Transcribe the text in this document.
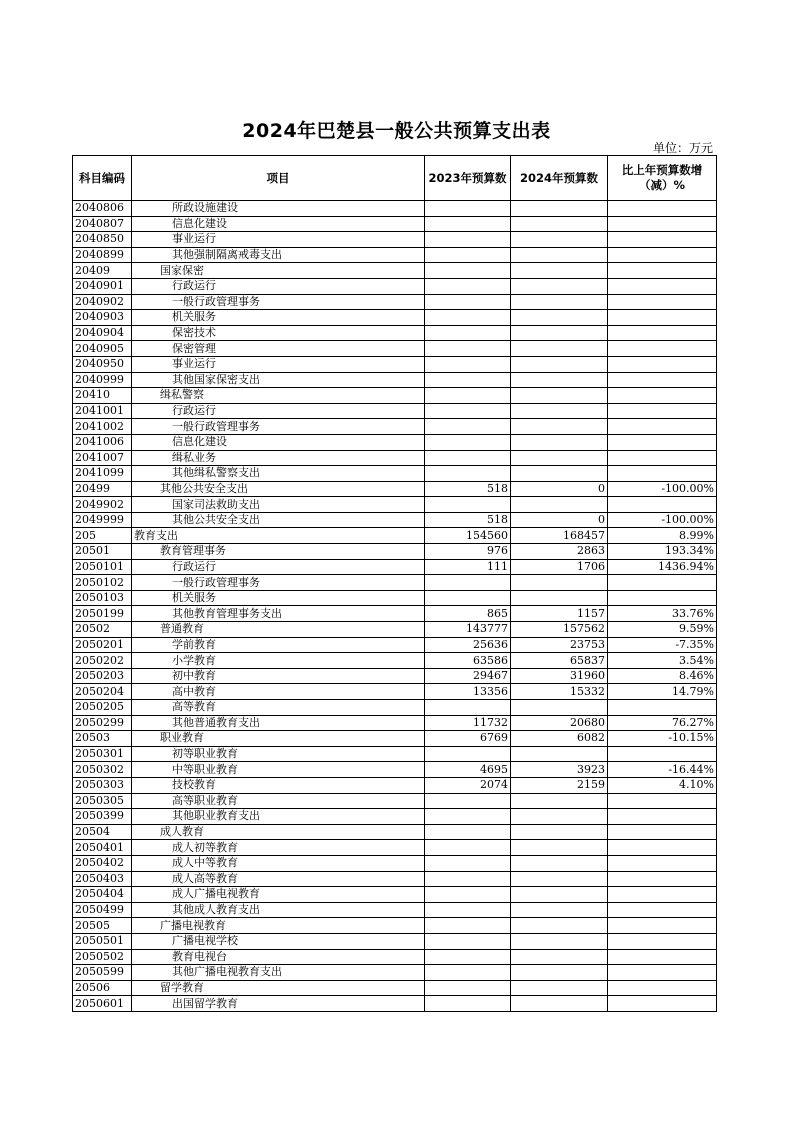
2024年巴楚县一般公共预算支出表
单位：万元
科目编码	项目	2023年预算数	2024年预算数	比上年预算数增
（减）%
2040806	所政设施建设			
2040807	信息化建设			
2040850	事业运行			
2040899	其他强制隔离戒毒支出			
20409	国家保密			
2040901	行政运行			
2040902	一般行政管理事务			
2040903	机关服务			
2040904	保密技术			
2040905	保密管理			
2040950	事业运行			
2040999	其他国家保密支出			
20410	缉私警察			
2041001	行政运行			
2041002	一般行政管理事务			
2041006	信息化建设			
2041007	缉私业务			
2041099	其他缉私警察支出			
20499	其他公共安全支出	518	0	-100.00%
2049902	国家司法救助支出			
2049999	其他公共安全支出	518	0	-100.00%
205	教育支出	154560	168457	8.99%
20501	教育管理事务	976	2863	193.34%
2050101	行政运行	111	1706	1436.94%
2050102	一般行政管理事务			
2050103	机关服务			
2050199	其他教育管理事务支出	865	1157	33.76%
20502	普通教育	143777	157562	9.59%
2050201	学前教育	25636	23753	-7.35%
2050202	小学教育	63586	65837	3.54%
2050203	初中教育	29467	31960	8.46%
2050204	高中教育	13356	15332	14.79%
2050205	高等教育			
2050299	其他普通教育支出	11732	20680	76.27%
20503	职业教育	6769	6082	-10.15%
2050301	初等职业教育			
2050302	中等职业教育	4695	3923	-16.44%
2050303	技校教育	2074	2159	4.10%
2050305	高等职业教育			
2050399	其他职业教育支出			
20504	成人教育			
2050401	成人初等教育			
2050402	成人中等教育			
2050403	成人高等教育			
2050404	成人广播电视教育			
2050499	其他成人教育支出			
20505	广播电视教育			
2050501	广播电视学校			
2050502	教育电视台			
2050599	其他广播电视教育支出			
20506	留学教育			
2050601	出国留学教育			
